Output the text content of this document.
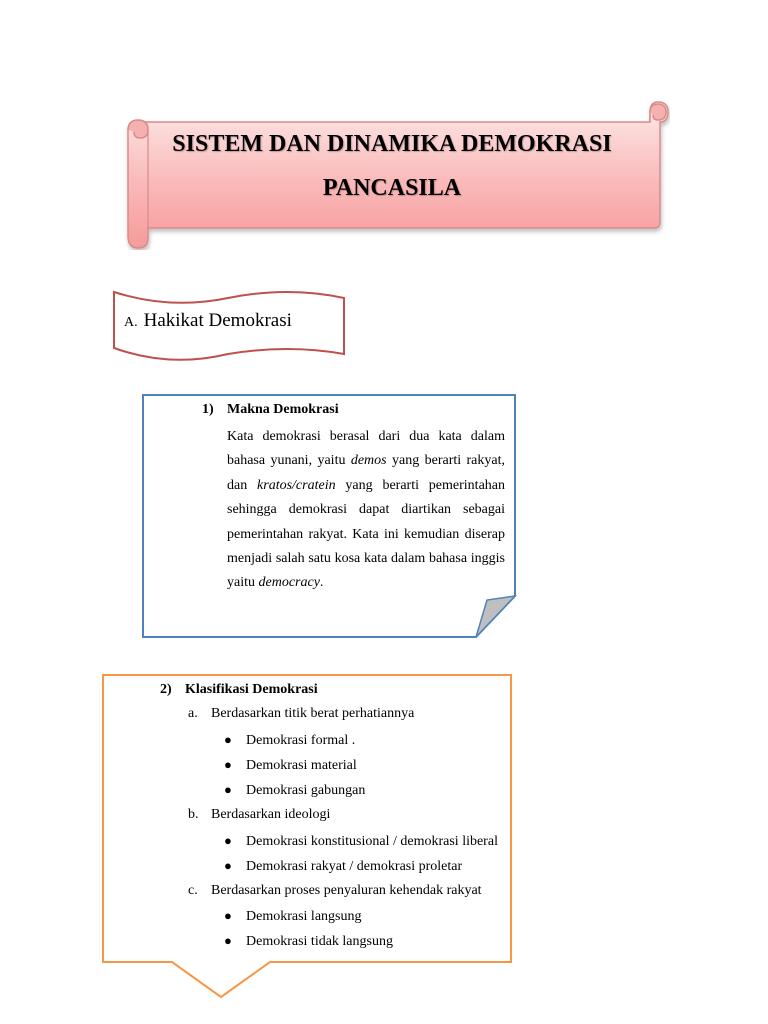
SISTEM DAN DINAMIKA DEMOKRASI
PANCASILA
A. Hakikat Demokrasi
1) Makna Demokrasi
Kata demokrasi berasal dari dua kata dalam bahasa yunani, yaitu demos yang berarti rakyat, dan kratos/cratein yang berarti pemerintahan sehingga demokrasi dapat diartikan sebagai pemerintahan rakyat. Kata ini kemudian diserap menjadi salah satu kosa kata dalam bahasa inggis yaitu democracy.
2) Klasifikasi Demokrasi
a. Berdasarkan titik berat perhatiannya
● Demokrasi formal .
● Demokrasi material
● Demokrasi gabungan
b. Berdasarkan ideologi
● Demokrasi konstitusional / demokrasi liberal
● Demokrasi rakyat / demokrasi proletar
c. Berdasarkan proses penyaluran kehendak rakyat
● Demokrasi langsung
● Demokrasi tidak langsung
